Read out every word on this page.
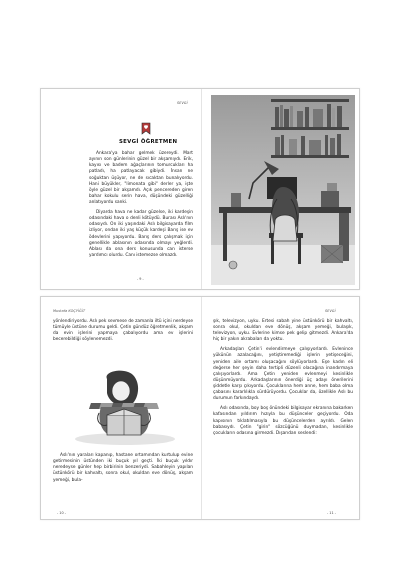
SEVGİ
SEVGİ ÖĞRETMEN

Ankara'ya bahar gelmek üzereydi. Mart ayının son günlerinin güzel bir akşamıydı. Erik, kayısı ve badem ağaçlarının tomurcukları ha patladı, ha patlayacak gibiydi. İnsan ne soğuktan üşüyor, ne de sıcaktan bunalıyordu. Hani büyükler, "limonata gibi" derler ya, işte öyle güzel bir akşamdı. Açık pencereden giren bahar kokulu serin hava, düşündeki güzelliği anlatıyordu sanki.

Diyarda hava ne kadar güzelse, iki kardeşin odasındaki hava o denli kötüydü. Burası Aslı'nın odasıydı. On iki yaşındaki Aslı bilgisayarda film izliyor, ondan iki yaş küçük kardeşi Barış ise ev ödevlerini yapıyordu. Barış ders çalışmak için genellikle ablasının odasında olmayı yeğlerdi. Ablası da ona ders konusunda can isterse yardımcı olurdu. Canı istemezse olmazdı.

- 9 -
Mustafa KOÇYİĞİT	SEVGİ

yönlendiriyordu. Aslı pek sevmese de zamanla iltü içini nerdeyse tümüyle üstüne durumu geldi. Çetin gündüz öğretmenlik, akşam da evin işlerini yapmaya çabalıyordu ama ev işlerini becerebildiği söylenemezdi.

Aslı'nın yaraları kapanıp, hastane ortamından kurtulup evine getirmesinin üstünden iki buçuk yıl geçti. İki buçuk yıldır neredeyse günler hep birbirinin benzeriydi. Sabahleyin yapılan üstünkörü bir kahvaltı, sonra okul, okuldan eve dönüş, akşam yemeği, bula-

- 10 -

şık, televizyon, uyku. Ertesi sabah yine üstünkörü bir kahvaltı, sonra okul, okuldan eve dönüş, akşam yemeği, bulaşık, televizyon, uyku. Evlerine kimse pek gelip gitmezdi. Ankara'da hiç bir yakın akrabaları da yoktu.

Arkadaşları Çetin'i evlendirmeye çalışıyorlardı. Evlenince yükünün azalacağını, yetiştiremediği işlerin yetişeceğini, yeniden aile ortamı oluşacağını söylüyorlardı. Eşe kadın eli değerse her şeyin daha tertipli düzenli olacağına inandırmaya çalışıyorlardı. Ama Çetin yeniden evlenmeyi kesinlikle düşünmüyordu. Arkadaşlarının önerdiği üç adayı önerilerini şiddetle karşı çıkıyordu. Çocuklarına hem anne, hem baba olma çabasını kararlılıkla sürdürüyordu. Çocuklar da, özellikle Aslı bu durumun farkındaydı.

Aslı odasında, boy boş önündeki bilgisayar ekranına bakarken kafasından yıldırım hızıyla bu düşünceler geçiyordu. Oda kapısının tıklatılmasıyla bu düşüncelerden ayrıldı. Gelen babasıydı. Çetin "girin" sözcüğünü duymadan, kesinlikle çocukların odasına girmezdi. Dışarıdan seslendi:

- 11 -
